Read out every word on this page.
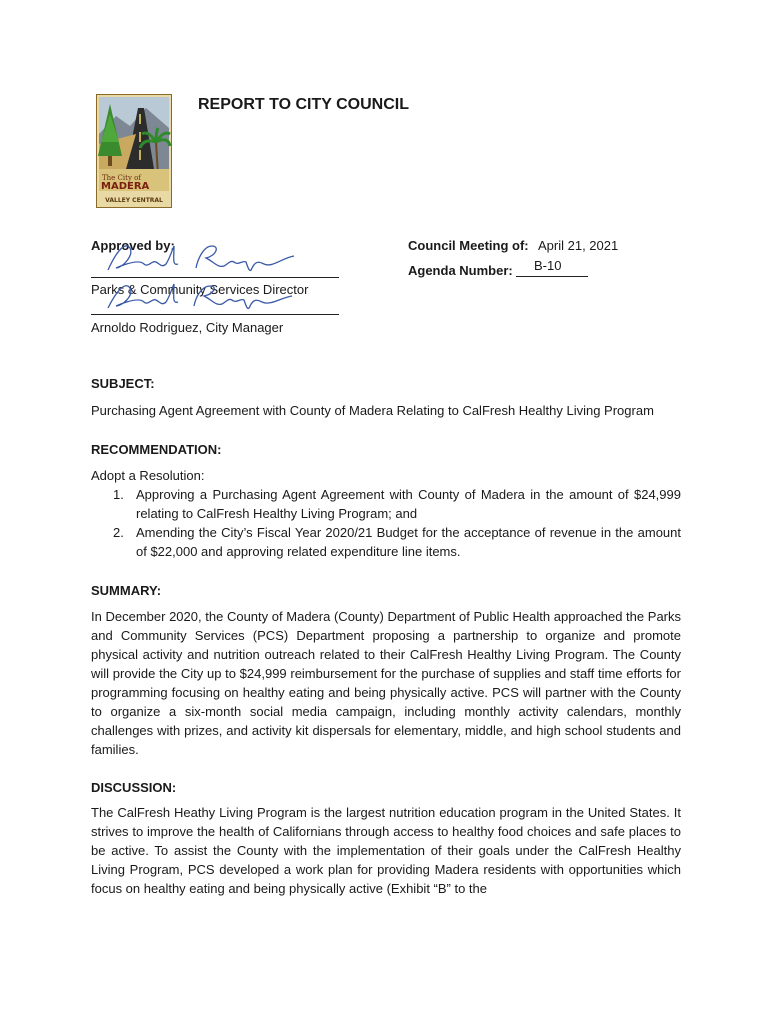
The City of
MADERA
VALLEY CENTRAL
REPORT TO CITY COUNCIL
Approved by:
Parks & Community Services Director
Arnoldo Rodriguez, City Manager
Council Meeting of: April 21, 2021
Agenda Number: B-10
SUBJECT:
Purchasing Agent Agreement with County of Madera Relating to CalFresh Healthy Living Program
RECOMMENDATION:
Adopt a Resolution:
1. Approving a Purchasing Agent Agreement with County of Madera in the amount of $24,999 relating to CalFresh Healthy Living Program; and
2. Amending the City’s Fiscal Year 2020/21 Budget for the acceptance of revenue in the amount of $22,000 and approving related expenditure line items.
SUMMARY:
In December 2020, the County of Madera (County) Department of Public Health approached the Parks and Community Services (PCS) Department proposing a partnership to organize and promote physical activity and nutrition outreach related to their CalFresh Healthy Living Program. The County will provide the City up to $24,999 reimbursement for the purchase of supplies and staff time efforts for programming focusing on healthy eating and being physically active. PCS will partner with the County to organize a six-month social media campaign, including monthly activity calendars, monthly challenges with prizes, and activity kit dispersals for elementary, middle, and high school students and families.
DISCUSSION:
The CalFresh Heathy Living Program is the largest nutrition education program in the United States. It strives to improve the health of Californians through access to healthy food choices and safe places to be active. To assist the County with the implementation of their goals under the CalFresh Healthy Living Program, PCS developed a work plan for providing Madera residents with opportunities which focus on healthy eating and being physically active (Exhibit “B” to the
